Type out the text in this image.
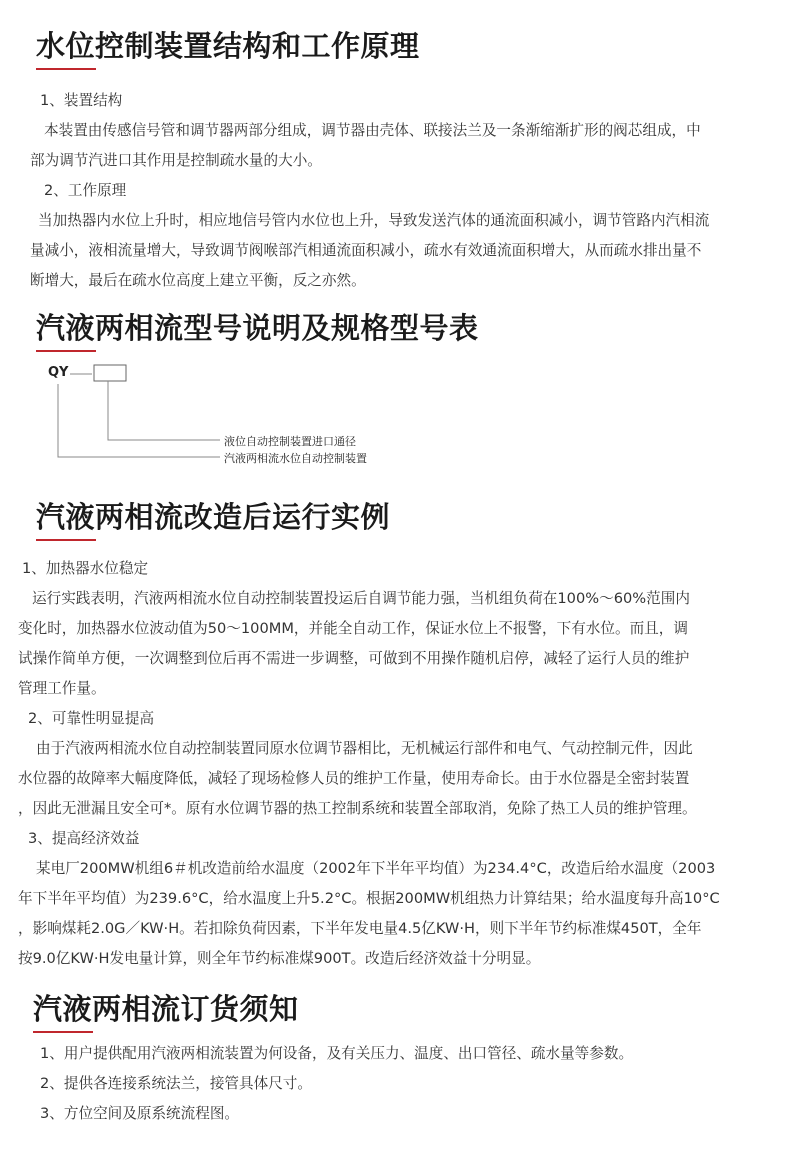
水位控制装置结构和工作原理
1、装置结构
本装置由传感信号管和调节器两部分组成，调节器由壳体、联接法兰及一条渐缩渐扩形的阀芯组成，中
部为调节汽进口其作用是控制疏水量的大小。
2、工作原理
当加热器内水位上升时，相应地信号管内水位也上升，导致发送汽体的通流面积减小，调节管路内汽相流
量减小，液相流量增大，导致调节阀喉部汽相通流面积减小，疏水有效通流面积增大，从而疏水排出量不
断增大，最后在疏水位高度上建立平衡，反之亦然。
汽液两相流型号说明及规格型号表
QY
液位自动控制装置进口通径
汽液两相流水位自动控制装置
汽液两相流改造后运行实例
1、加热器水位稳定
运行实践表明，汽液两相流水位自动控制装置投运后自调节能力强，当机组负荷在100%～60%范围内
变化时，加热器水位波动值为50～100MM，并能全自动工作，保证水位上不报警，下有水位。而且，调
试操作简单方便，一次调整到位后再不需进一步调整，可做到不用操作随机启停，减轻了运行人员的维护
管理工作量。
2、可靠性明显提高
由于汽液两相流水位自动控制装置同原水位调节器相比，无机械运行部件和电气、气动控制元件，因此
水位器的故障率大幅度降低，减轻了现场检修人员的维护工作量，使用寿命长。由于水位器是全密封装置
，因此无泄漏且安全可*。原有水位调节器的热工控制系统和装置全部取消，免除了热工人员的维护管理。
3、提高经济效益
某电厂200MW机组6＃机改造前给水温度（2002年下半年平均值）为234.4°C，改造后给水温度（2003
年下半年平均值）为239.6°C，给水温度上升5.2°C。根据200MW机组热力计算结果；给水温度每升高10°C
，影响煤耗2.0G／KW·H。若扣除负荷因素，下半年发电量4.5亿KW·H，则下半年节约标准煤450T，全年
按9.0亿KW·H发电量计算，则全年节约标准煤900T。改造后经济效益十分明显。
汽液两相流订货须知
1、用户提供配用汽液两相流装置为何设备，及有关压力、温度、出口管径、疏水量等参数。
2、提供各连接系统法兰，接管具体尺寸。
3、方位空间及原系统流程图。
